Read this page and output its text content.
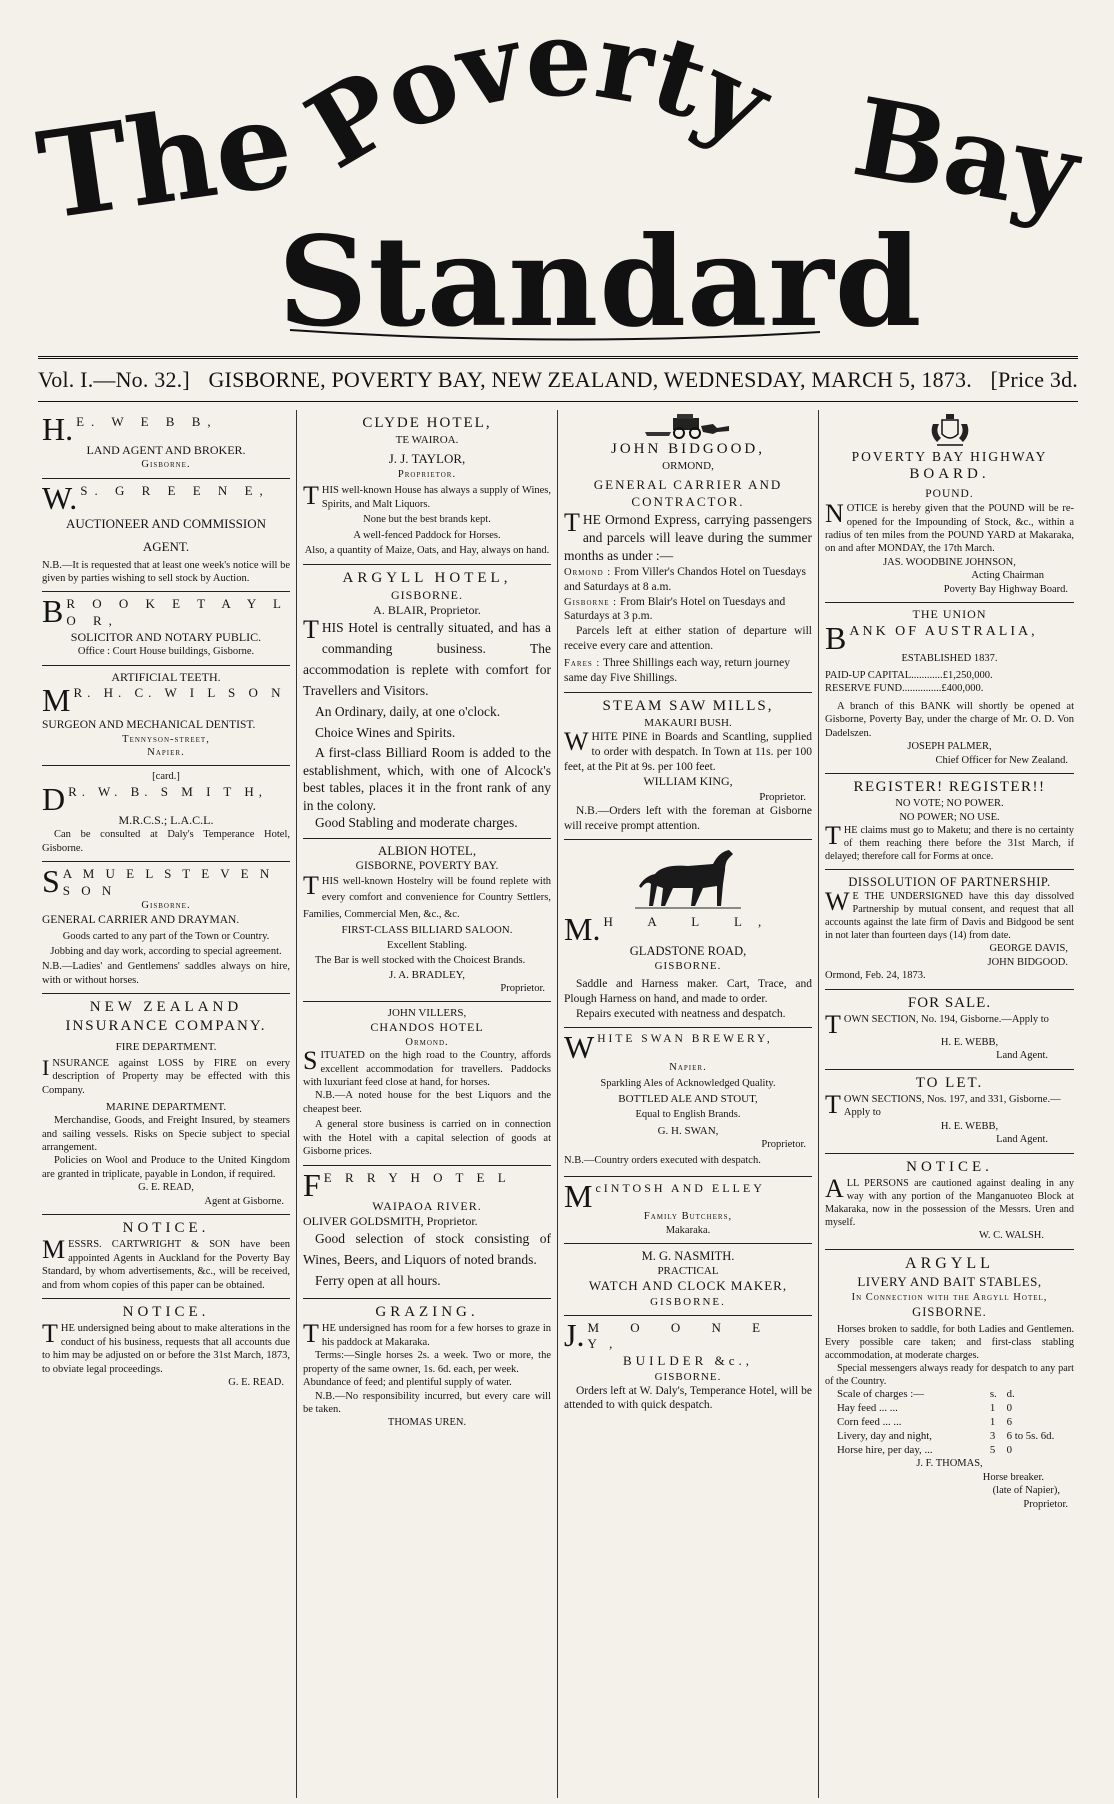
The
Poverty Bay
Standard
Vol. I.—No. 32.] GISBORNE, POVERTY BAY, NEW ZEALAND, WEDNESDAY, MARCH 5, 1873. [Price 3d.
H. E. W E B B,
LAND AGENT AND BROKER.
Gisborne.
W. S. G R E E N E,
AUCTIONEER AND COMMISSION AGENT.
N.B.—It is requested that at least one week's notice will be given by parties wishing to sell stock by Auction.
B R O O K E T A Y L O R,
SOLICITOR AND NOTARY PUBLIC.
Office : Court House buildings, Gisborne.
ARTIFICIAL TEETH.
M R. H. C. W I L S O N
SURGEON AND MECHANICAL DENTIST.
Tennyson-street,
Napier.
[card.]
D R. W. B. S M I T H,
M.R.C.S.; L.A.C.L.
Can be consulted at Daly's Temperance Hotel, Gisborne.
S A M U E L S T E V E N S O N
Gisborne.
GENERAL CARRIER AND DRAYMAN.
Goods carted to any part of the Town or Country.
Jobbing and day work, according to special agreement.
N.B.—Ladies' and Gentlemens' saddles always on hire, with or without horses.
NEW ZEALAND
INSURANCE COMPANY.
FIRE DEPARTMENT.
INSURANCE against LOSS by FIRE on every description of Property may be effected with this Company.
MARINE DEPARTMENT.
Merchandise, Goods, and Freight Insured, by steamers and sailing vessels. Risks on Specie subject to special arrangement.
Policies on Wool and Produce to the United Kingdom are granted in triplicate, payable in London, if required.
G. E. READ,
Agent at Gisborne.
NOTICE.
MESSRS. CARTWRIGHT & SON have been appointed Agents in Auckland for the Poverty Bay Standard, by whom advertisements, &c., will be received, and from whom copies of this paper can be obtained.
NOTICE.
THE undersigned being about to make alterations in the conduct of his business, requests that all accounts due to him may be adjusted on or before the 31st March, 1873, to obviate legal proceedings.
G. E. READ.
CLYDE HOTEL,
TE WAIROA.
J. J. TAYLOR,
Proprietor.
THIS well-known House has always a supply of Wines, Spirits, and Malt Liquors.
None but the best brands kept.
A well-fenced Paddock for Horses.
Also, a quantity of Maize, Oats, and Hay, always on hand.
ARGYLL HOTEL,
GISBORNE.
A. BLAIR, Proprietor.
THIS Hotel is centrally situated, and has a commanding business. The accommodation is replete with comfort for Travellers and Visitors.
An Ordinary, daily, at one o'clock.
Choice Wines and Spirits.
A first-class Billiard Room is added to the establishment, which, with one of Alcock's best tables, places it in the front rank of any in the colony.
Good Stabling and moderate charges.
ALBION HOTEL,
GISBORNE, POVERTY BAY.
THIS well-known Hostelry will be found replete with every comfort and convenience for Country Settlers, Families, Commercial Men, &c., &c.
FIRST-CLASS BILLIARD SALOON.
Excellent Stabling.
The Bar is well stocked with the Choicest Brands.
J. A. BRADLEY,
Proprietor.
JOHN VILLERS,
CHANDOS HOTEL
Ormond.
SITUATED on the high road to the Country, affords excellent accommodation for travellers. Paddocks with luxuriant feed close at hand, for horses.
N.B.—A noted house for the best Liquors and the cheapest beer.
A general store business is carried on in connection with the Hotel with a capital selection of goods at Gisborne prices.
F E R R Y H O T E L
WAIPAOA RIVER.
OLIVER GOLDSMITH, Proprietor.
Good selection of stock consisting of Wines, Beers, and Liquors of noted brands.
Ferry open at all hours.
GRAZING.
THE undersigned has room for a few horses to graze in his paddock at Makaraka.
Terms:—Single horses 2s. a week. Two or more, the property of the same owner, 1s. 6d. each, per week.
Abundance of feed; and plentiful supply of water.
N.B.—No responsibility incurred, but every care will be taken.
THOMAS UREN.
JOHN BIDGOOD,
ORMOND,
GENERAL CARRIER AND
CONTRACTOR.
THE Ormond Express, carrying passengers and parcels will leave during the summer months as under :—
Ormond : From Viller's Chandos Hotel on Tuesdays and Saturdays at 8 a.m.
Gisborne : From Blair's Hotel on Tuesdays and Saturdays at 3 p.m.
Parcels left at either station of departure will receive every care and attention.
Fares : Three Shillings each way, return journey same day Five Shillings.
STEAM SAW MILLS,
MAKAURI BUSH.
WHITE PINE in Boards and Scantling, supplied to order with despatch. In Town at 11s. per 100 feet, at the Pit at 9s. per 100 feet.
WILLIAM KING,
Proprietor.
N.B.—Orders left with the foreman at Gisborne will receive prompt attention.
M. H A L L,
GLADSTONE ROAD,
GISBORNE.
Saddle and Harness maker. Cart, Trace, and Plough Harness on hand, and made to order.
Repairs executed with neatness and despatch.
WHITE SWAN BREWERY,
Napier.
Sparkling Ales of Acknowledged Quality.
BOTTLED ALE AND STOUT,
Equal to English Brands.
G. H. SWAN,
Proprietor.
N.B.—Country orders executed with despatch.
McINTOSH AND ELLEY
Family Butchers,
Makaraka.
M. G. NASMITH.
PRACTICAL
WATCH AND CLOCK MAKER,
GISBORNE.
J. M O O N E Y,
BUILDER &c.,
GISBORNE.
Orders left at W. Daly's, Temperance Hotel, will be attended to with quick despatch.
POVERTY BAY HIGHWAY
BOARD.
POUND.
NOTICE is hereby given that the POUND will be re-opened for the Impounding of Stock, &c., within a radius of ten miles from the POUND YARD at Makaraka, on and after MONDAY, the 17th March.
JAS. WOODBINE JOHNSON,
Acting Chairman
Poverty Bay Highway Board.
THE UNION
BANK OF AUSTRALIA,
ESTABLISHED 1837.
PAID-UP CAPITAL............£1,250,000.
RESERVE FUND...............£400,000.
A branch of this BANK will shortly be opened at Gisborne, Poverty Bay, under the charge of Mr. O. D. Von Dadelszen.
JOSEPH PALMER,
Chief Officer for New Zealand.
REGISTER! REGISTER!!
NO VOTE; NO POWER.
NO POWER; NO USE.
THE claims must go to Maketu; and there is no certainty of them reaching there before the 31st March, if delayed; therefore call for Forms at once.
DISSOLUTION OF PARTNERSHIP.
W E THE UNDERSIGNED have this day dissolved Partnership by mutual consent, and request that all accounts against the late firm of Davis and Bidgood be sent in not later than fourteen days (14) from date.
GEORGE DAVIS,
JOHN BIDGOOD.
Ormond, Feb. 24, 1873.
FOR SALE.
TOWN SECTION, No. 194, Gisborne.—Apply to
H. E. WEBB,
Land Agent.
TO LET.
TOWN SECTIONS, Nos. 197, and 331, Gisborne.—Apply to
H. E. WEBB,
Land Agent.
NOTICE.
ALL PERSONS are cautioned against dealing in any way with any portion of the Manganuoteo Block at Makaraka, now in the possession of the Messrs. Uren and myself.
W. C. WALSH.
ARGYLL
LIVERY AND BAIT STABLES,
In Connection with the Argyll Hotel,
GISBORNE.
Horses broken to saddle, for both Ladies and Gentlemen. Every possible care taken; and first-class stabling accommodation, at moderate charges.
Special messengers always ready for despatch to any part of the Country.
Scale of charges :—	s.	d.
Hay feed ... ...	1	0
Corn feed ... ...	1	6
Livery, day and night,	3	6 to 5s. 6d.
Horse hire, per day, ...	5	0
J. F. THOMAS,
Horse breaker.
(late of Napier),
Proprietor.
